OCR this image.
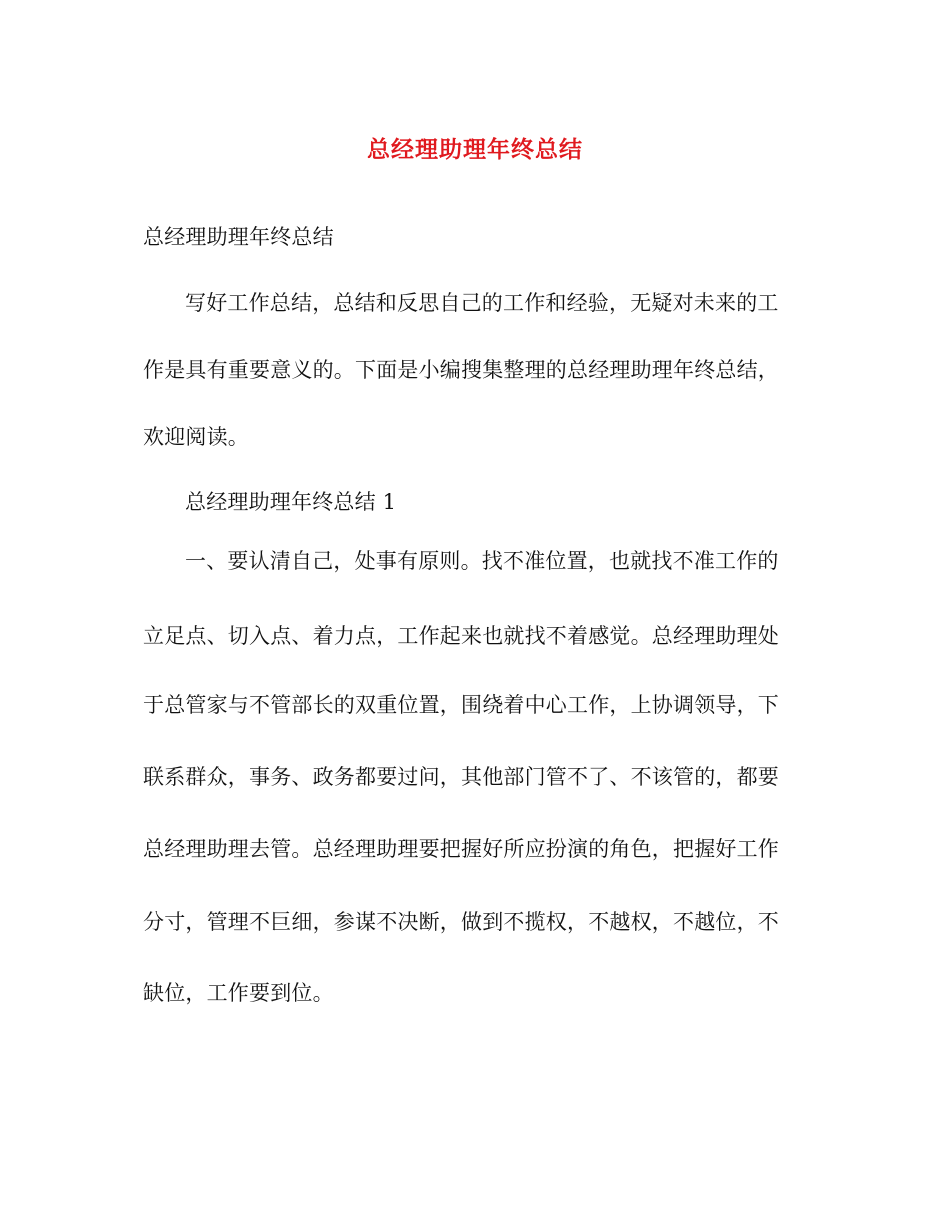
总经理助理年终总结
总经理助理年终总结
写好工作总结，总结和反思自己的工作和经验，无疑对未来的工
作是具有重要意义的。下面是小编搜集整理的总经理助理年终总结，
欢迎阅读。
总经理助理年终总结 1
一、要认清自己，处事有原则。找不准位置，也就找不准工作的
立足点、切入点、着力点，工作起来也就找不着感觉。总经理助理处
于总管家与不管部长的双重位置，围绕着中心工作，上协调领导，下
联系群众，事务、政务都要过问，其他部门管不了、不该管的，都要
总经理助理去管。总经理助理要把握好所应扮演的角色，把握好工作
分寸，管理不巨细，参谋不决断，做到不揽权，不越权，不越位，不
缺位，工作要到位。
